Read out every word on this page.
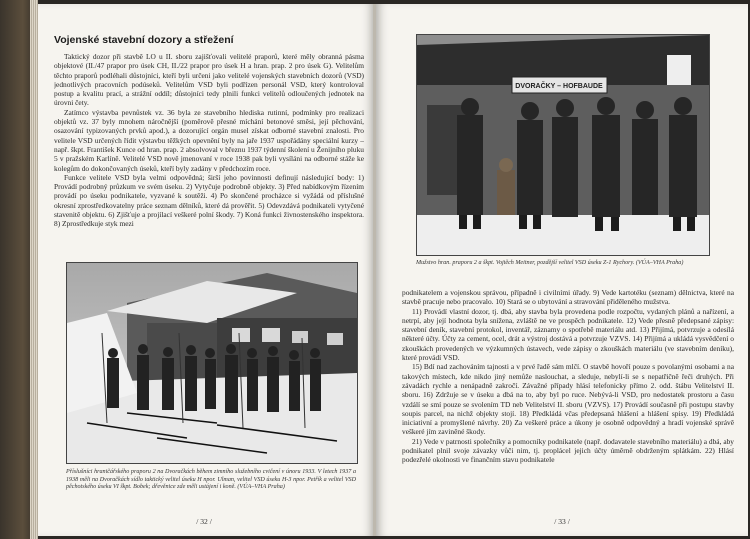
Vojenské stavební dozory a střežení

Taktický dozor při stavbě LO u II. sboru zajišťovali velitelé praporů, které měly obranná pásma objektové (II./47 prapor pro úsek CH, II./22 prapor pro úsek H a hran. prap. 2 pro úsek G). Velitelům těchto praporů podléhali důstojníci, kteří byli určeni jako velitelé vojenských stavebních dozorů (VSD) jednotlivých pracovních podúseků. Velitelům VSD byli podřízen personál VSD, který kontroloval postup a kvalitu prací, a strážní oddíl; důstojníci tedy plnili funkci velitelů odloučených jednotek na úrovni čety.

Zatímco výstavba pevnůstek vz. 36 byla ze stavebního hlediska rutinní, podmínky pro realizaci objektů vz. 37 byly mnohem náročnější (poměrově přesné míchání betonové směsi, její pěchování, osazování typizovaných prvků apod.), a dozorující orgán musel získat odborné stavební znalosti. Pro velitele VSD určených řídit výstavbu těžkých opevnění byly na jaře 1937 uspořádány speciální kurzy – např. škpt. František Kunce od hran. prap. 2 absolvoval v březnu 1937 týdenní školení u Ženijního pluku 5 v pražském Karlíně. Velitelé VSD nově jmenovaní v roce 1938 pak byli vysíláni na odborné stáže ke kolegům do dokončovaných úseků, kteří byly zadány v předchozím roce.

Funkce velitele VSD byla velmi odpovědná; širší jeho povinnosti definují následující body: 1) Provádí podrobný průzkum ve svém úseku. 2) Vytyčuje podrobně objekty. 3) Před nabídkovým řízením provádí po úseku podnikatele, vyzvané k soutěži. 4) Po skončené procházce si vyžádá od příslušné okresní zprostředkovatelny práce seznam dělníků, které dá prověřit. 5) Odevzdává podnikateli vytyčené stavenitě objektu. 6) Zjišťuje a projílací veškeré polní škody. 7) Koná funkci živnostenského inspektora. 8) Zprostředkuje styk mezi

Příslušníci hraničářského praporu 2 na Dvoračkách během zimního služebního cvičení v únoru 1933. V letech 1937 a 1938 měli na Dvoračkách sídlo taktický velitel úseku H npor. Ulman, velitel VSD úseku H-3 npor. Petřík a velitel VSD pěchotského úseku VI škpt. Bobek; dřevěnice zde měli ustájení i koně. (VÚA–VHA Praha)
/ 32 /
DVORAČKY – HOFBAUDE
Mužstvo hran. praporu 2 a škpt. Vojtěch Meitner, pozdější velitel VSD úseku Z-1 Rychory. (VÚA–VHA Praha)

podnikatelem a vojenskou správou, případně i civilními úřady. 9) Vede kartotéku (seznam) dělnictva, které na stavbě pracuje nebo pracovalo. 10) Stará se o ubytování a stravování přiděleného mužstva.

11) Provádí vlastní dozor, tj. dbá, aby stavba byla provedena podle rozpočtu, vydaných plánů a nařízení, a netrpí, aby její hodnota byla snížena, zvláště ne ve prospěch podnikatele. 12) Vede přesně předepsané zápisy: stavební deník, stavební protokol, inventář, záznamy o spotřebě materiálu atd. 13) Přijímá, potvrzuje a odesílá některé účty. Účty za cement, ocel, drát a výstroj dostává a potvrzuje VZVS. 14) Přijímá a ukládá vysvědčení o zkouškách provedených ve výzkumných ústavech, vede zápisy o zkouškách materiálu (ve stavebním deníku), které provádí VSD.

15) Bdí nad zachováním tajnosti a v prvé řadě sám mlčí. O stavbě hovoří pouze s povolanými osobami a na takových místech, kde nikdo jiný nemůže naslouchat, a sleduje, nebylí-li se s nepatřičně řeči druhých. Při závadách rychle a nenápadně zakročí. Závažné případy hlásí telefonicky přímo 2. odd. štábu Velitelství II. sboru. 16) Zdržuje se v úseku a dbá na to, aby byl po ruce. Nebývá-li VSD, pro nedostatek prostoru a času vzdálí se smí pouze se svolením TD neb Velitelství II. sboru (VZVS). 17) Provádí současně při postupu stavby soupis parcel, na nichž objekty stojí. 18) Předkládá včas předepsaná hlášení a hlášení spisy. 19) Předkládá iniciativní a promyšlené návrhy. 20) Za veškeré práce a úkony je osobně odpovědný a hradí vojenské správě veškeré jím zaviněné škody.

21) Vede v patrnosti společníky a pomocníky podnikatele (např. dodavatele stavebního materiálu) a dbá, aby podnikatel plnil svoje závazky vůči nim, tj. proplácel jejich účty úměrně obdrženým splátkám. 22) Hlásí podezřelé okolnosti ve finančním stavu podnikatele

/ 33 /
